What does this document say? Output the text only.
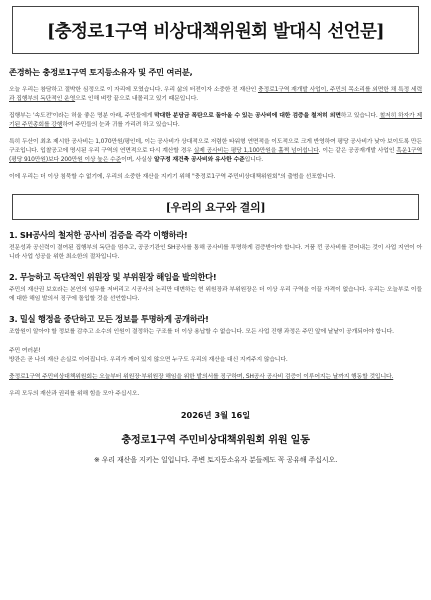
[충정로1구역 비상대책위원회 발대식 선언문]
존경하는 충정로1구역 토지등소유자 및 주민 여러분,

오늘 우리는 참담하고 절박한 심정으로 이 자리에 모였습니다. 우리 삶의 터전이자 소중한 전 재산인 충정로1구역 재개발 사업이, 주민의 목소리를 외면한 채 특정 세력과 집행부의 독단적인 운영으로 인해 벼랑 끝으로 내몰리고 있기 때문입니다.

집행부는 '속도전'이라는 허울 좋은 명분 아래, 주민들에게 막대한 분담금 폭탄으로 돌아올 수 있는 공사비에 대한 검증을 철저히 외면하고 있습니다. 철저히 하자가 제기된 주민총회를 강행하여 주민들의 눈과 귀를 가리려 하고 있습니다.

특히 두산이 최초 제시한 공사비는 1,070만원/평인데, 이는 공사비가 상대적으로 저렴한 타워형 연면적을 이도적으로 크게 반영하여 평당 공사비가 낮아 보이도록 만든 구조입니다. 입찰공고에 명시된 우리 구역의 연면적으로 다시 계산할 경우 실제 공사비는 평당 1,100만원을 훌쩍 넘어섭니다. 이는 같은 공공재개발 사업인 흑운1구역(평당 910만원)보다 200만원 이상 높은 수준이며, 사실상 알구정 재건축 공사비와 유사한 수준입니다.

이에 우리는 더 이상 침묵할 수 없기에, 우리의 소중한 재산을 지키기 위해 "충정로1구역 주민비상대책위원회"의 출범을 선포합니다.

[우리의 요구와 결의]
1. SH공사의 철저한 공사비 검증을 즉각 이행하라!

전문성과 공신력이 결여된 집행부의 독단을 멈추고, 공공기관인 SH공사를 통해 공사비를 투명하게 검증받아야 합니다. 거품 낀 공사비를 걷어내는 것이 사업 지연이 아니라 사업 성공을 위한 최소한의 절차입니다.

2. 무능하고 독단적인 위원장 및 부위원장 해임을 발의한다!

주민의 재산권 보호라는 본연의 임무를 저버리고 시공사의 논리만 대변하는 현 위원장과 부위원장은 더 이상 우리 구역을 이끌 자격이 없습니다. 우리는 오늘부로 이들에 대한 해임 발의서 징구에 돌입할 것을 선언합니다.

3. 밀실 행정을 중단하고 모든 정보를 투명하게 공개하라!

조합원이 알아야 할 정보를 감추고 소수의 인원이 결정하는 구조를 더 이상 용납할 수 없습니다. 모든 사업 진행 과정은 주민 앞에 낱낱이 공개되어야 합니다.

주민 여러분!
방관은 곧 나의 재산 손실로 이어집니다. 우리가 깨어 있지 않으면 누구도 우리의 재산을 대신 지켜주지 않습니다.

충정로1구역 주민비상대책위원회는 오늘부터 위원장·부위원장 해임을 위한 발의서를 징구하며, SH공사 공사비 검증이 이루어지는 날까지 행동할 것입니다.

우리 모두의 재산과 권리를 위해 힘을 모아 주십시오.

2026년 3월 16일
충정로1구역 주민비상대책위원회 위원 일동
※ 우리 재산을 지키는 일입니다. 주변 토지등소유자 분들께도 꼭 공유해 주십시오.
